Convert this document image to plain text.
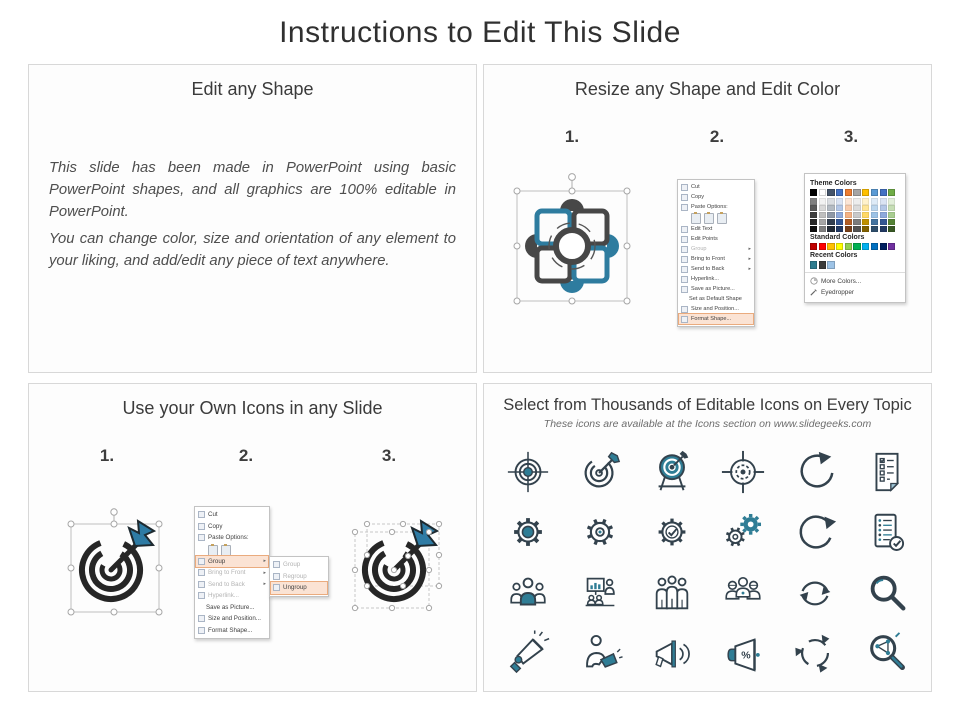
Instructions to Edit This Slide
Edit any Shape

This slide has been made in PowerPoint using basic PowerPoint shapes, and all graphics are 100% editable in PowerPoint.

You can change color, size and orientation of any element to your liking, and add/edit any piece of text anywhere.

Resize any Shape and Edit Color
1.	2.	3.
Cut
Copy
Paste Options:
Edit Text
Edit Points
Group	▸
Bring to Front	▸
Send to Back	▸
Hyperlink...
Save as Picture...
Set as Default Shape
Size and Position...
Format Shape...
Theme Colors
Standard Colors
Recent Colors
More Colors...
Eyedropper
Use your Own Icons in any Slide
1.	2.	3.
Cut
Copy
Paste Options:
Group	▸
Bring to Front	▸
Send to Back	▸
Hyperlink...
Save as Picture...
Size and Position...
Format Shape...
Group
Regroup
Ungroup
Select from Thousands of Editable Icons on Every Topic

These icons are available at the Icons section on www.slidegeeks.com

%
